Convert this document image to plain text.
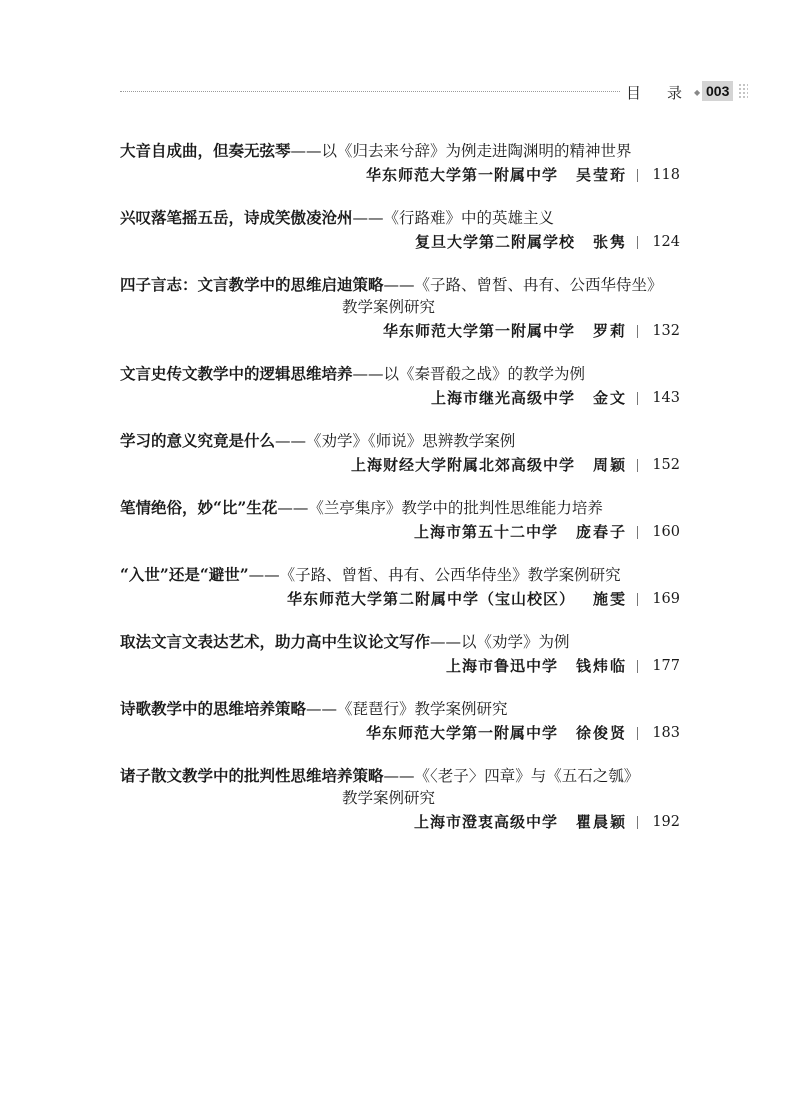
目 录 ◆ 003
大音自成曲，但奏无弦琴——以《归去来兮辞》为例走进陶渊明的精神世界
华东师范大学第一附属中学 吴莹珩 118
兴叹落笔摇五岳，诗成笑傲凌沧州——《行路难》中的英雄主义
复旦大学第二附属学校 张隽 124
四子言志：文言教学中的思维启迪策略——《子路、曾皙、冉有、公西华侍坐》
教学案例研究
华东师范大学第一附属中学 罗莉 132
文言史传文教学中的逻辑思维培养——以《秦晋殽之战》的教学为例
上海市继光高级中学 金文 143
学习的意义究竟是什么——《劝学》《师说》思辨教学案例
上海财经大学附属北郊高级中学 周颖 152
笔情绝俗，妙“比”生花——《兰亭集序》教学中的批判性思维能力培养
上海市第五十二中学 庞春子 160
“入世”还是“避世”——《子路、曾皙、冉有、公西华侍坐》教学案例研究
华东师范大学第二附属中学（宝山校区） 施雯 169
取法文言文表达艺术，助力高中生议论文写作——以《劝学》为例
上海市鲁迅中学 钱炜临 177
诗歌教学中的思维培养策略——《琵琶行》教学案例研究
华东师范大学第一附属中学 徐俊贤 183
诸子散文教学中的批判性思维培养策略——《〈老子〉四章》与《五石之瓠》
教学案例研究
上海市澄衷高级中学 瞿晨颖 192
